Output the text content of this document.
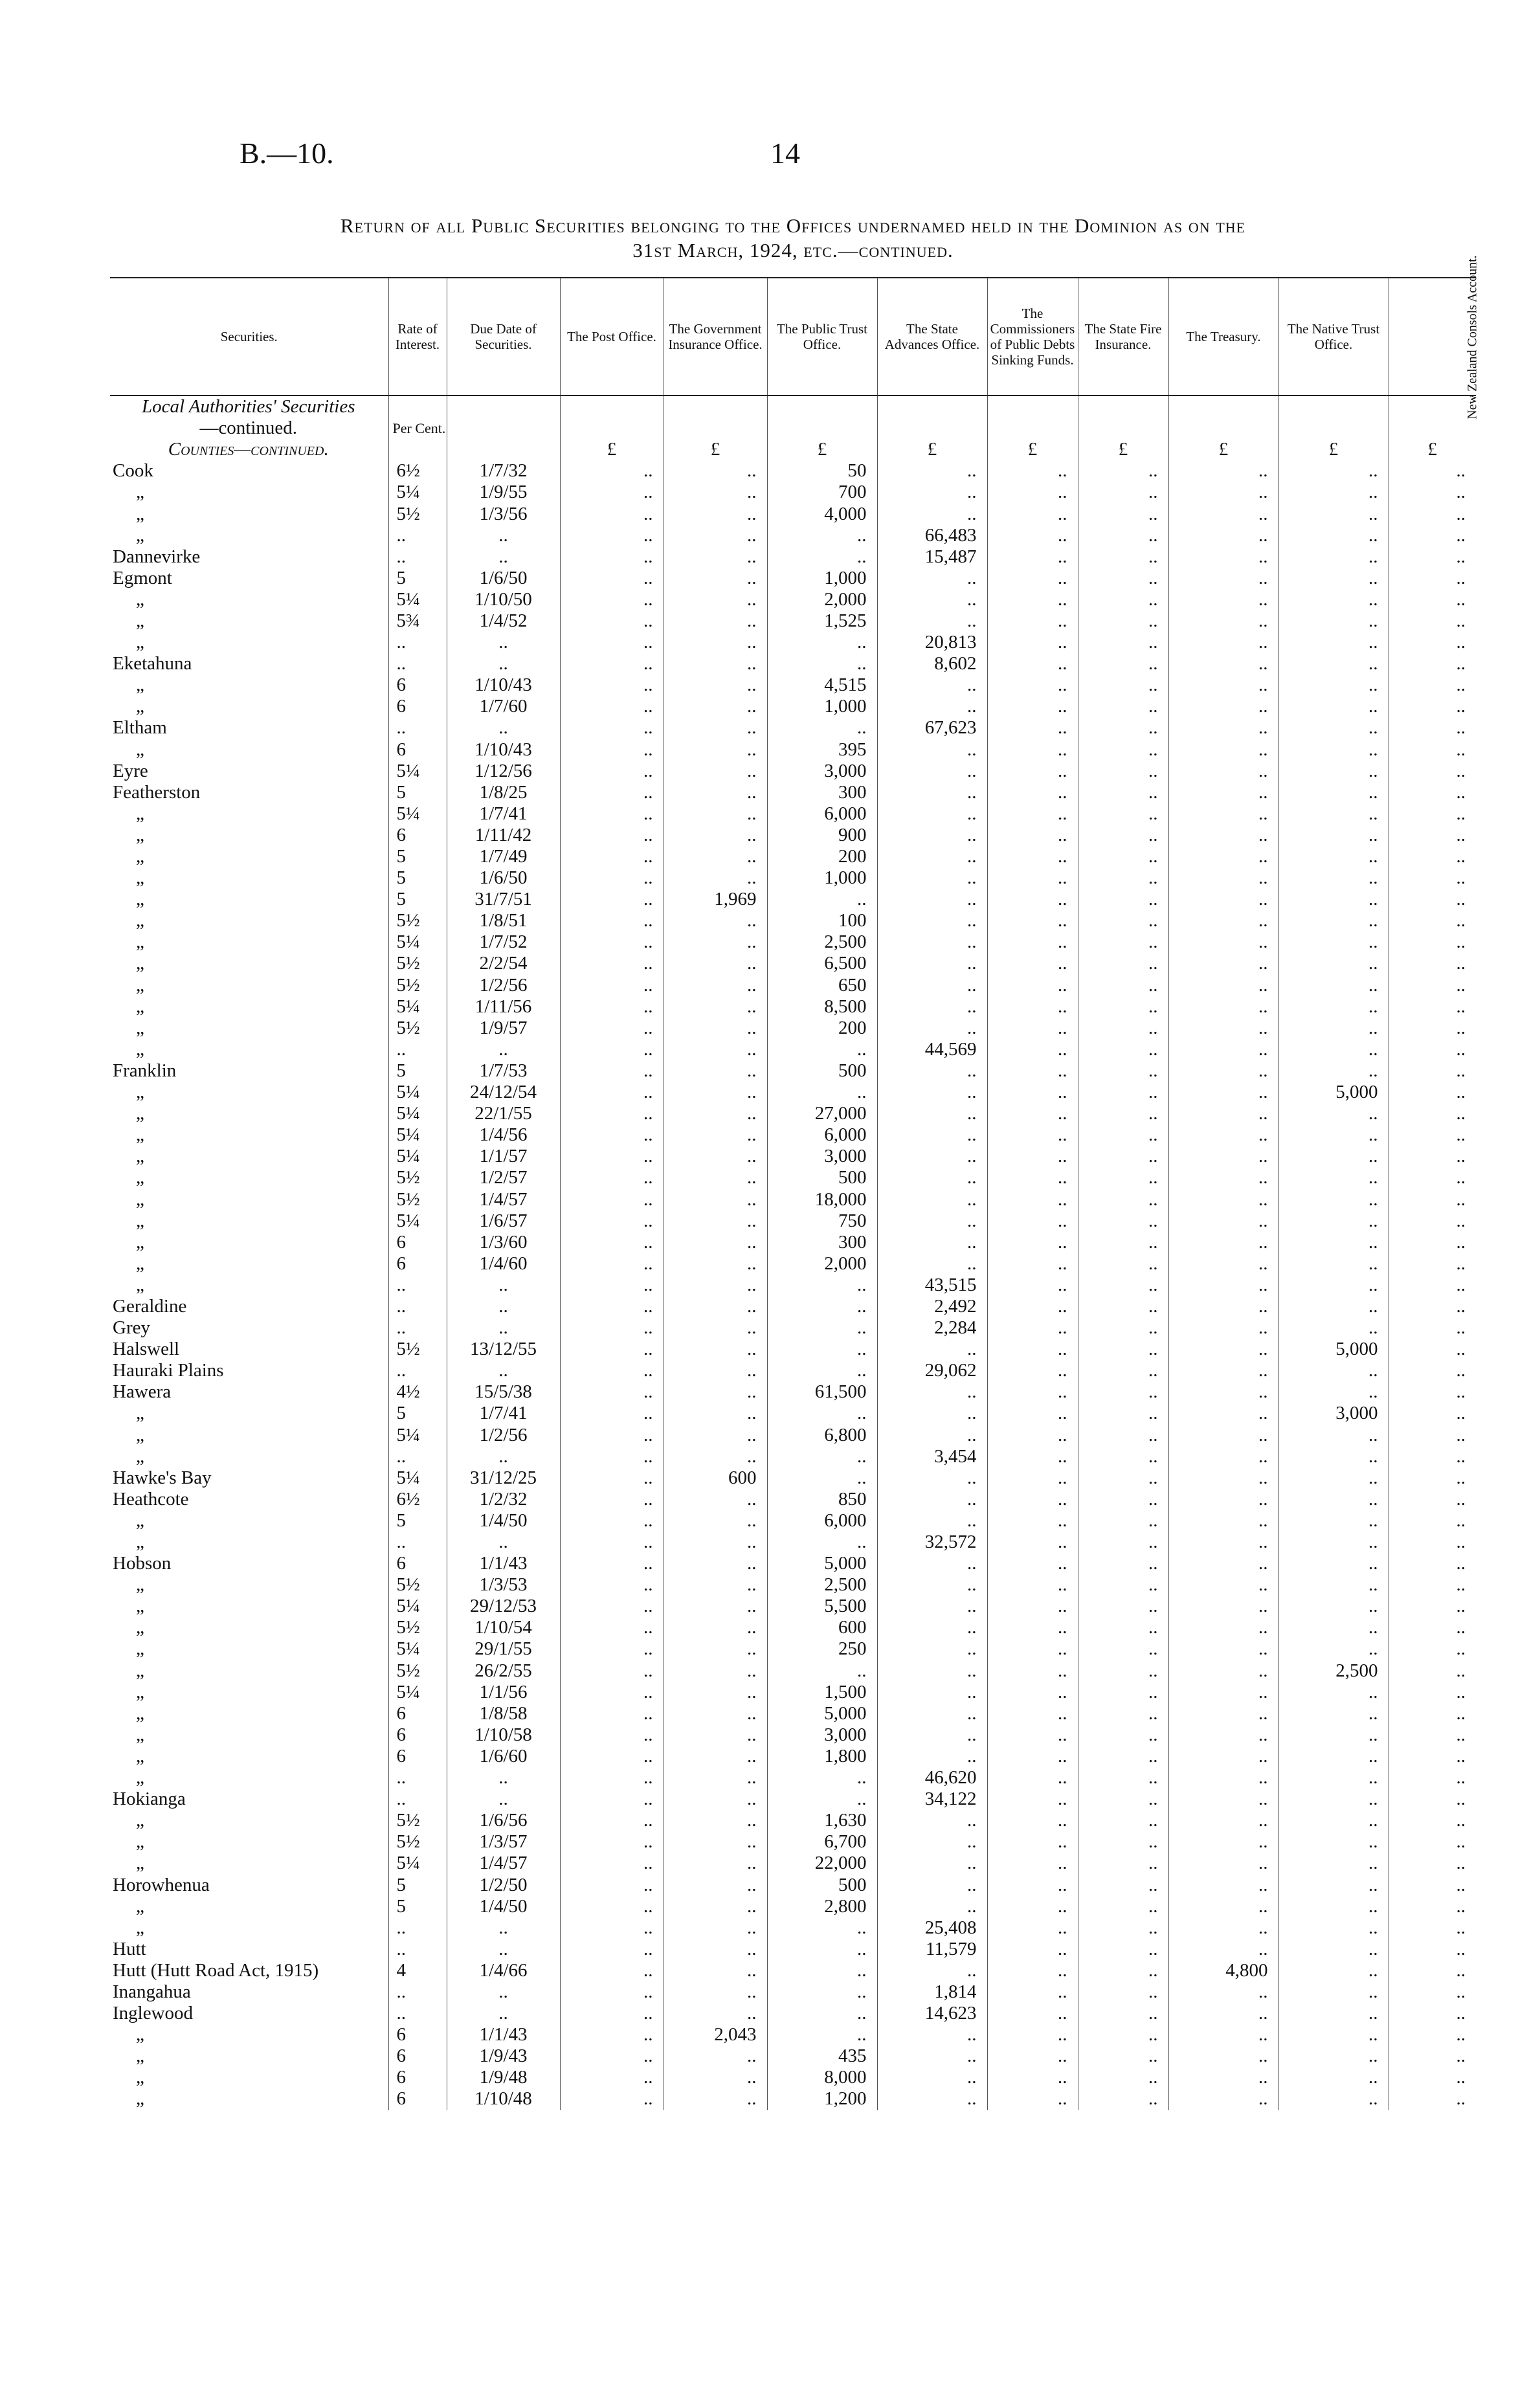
B.—10.	14
Return of all Public Securities belonging to the Offices undernamed held in the Dominion as on the
31st March, 1924, etc.—continued.
Securities.	Rate of Interest.	Due Date of Securities.	The Post Office.	The Government Insurance Office.	The Public Trust Office.	The State Advances Office.	The Commissioners of Public Debts Sinking Funds.	The State Fire Insurance.	The Treasury.	The Native Trust Office.	New Zealand Consols Account.
Local Authorities' Securities											
—continued.	Per Cent.										
Counties—continued.			£	£	£	£	£	£	£	£	£
Cook	6½	1/7/32	..	..	50	..	..	..	..	..	..
„	5¼	1/9/55	..	..	700	..	..	..	..	..	..
„	5½	1/3/56	..	..	4,000	..	..	..	..	..	..
„	..	..	..	..	..	66,483	..	..	..	..	..
Dannevirke	..	..	..	..	..	15,487	..	..	..	..	..
Egmont	5	1/6/50	..	..	1,000	..	..	..	..	..	..
„	5¼	1/10/50	..	..	2,000	..	..	..	..	..	..
„	5¾	1/4/52	..	..	1,525	..	..	..	..	..	..
„	..	..	..	..	..	20,813	..	..	..	..	..
Eketahuna	..	..	..	..	..	8,602	..	..	..	..	..
„	6	1/10/43	..	..	4,515	..	..	..	..	..	..
„	6	1/7/60	..	..	1,000	..	..	..	..	..	..
Eltham	..	..	..	..	..	67,623	..	..	..	..	..
„	6	1/10/43	..	..	395	..	..	..	..	..	..
Eyre	5¼	1/12/56	..	..	3,000	..	..	..	..	..	..
Featherston	5	1/8/25	..	..	300	..	..	..	..	..	..
„	5¼	1/7/41	..	..	6,000	..	..	..	..	..	..
„	6	1/11/42	..	..	900	..	..	..	..	..	..
„	5	1/7/49	..	..	200	..	..	..	..	..	..
„	5	1/6/50	..	..	1,000	..	..	..	..	..	..
„	5	31/7/51	..	1,969	..	..	..	..	..	..	..
„	5½	1/8/51	..	..	100	..	..	..	..	..	..
„	5¼	1/7/52	..	..	2,500	..	..	..	..	..	..
„	5½	2/2/54	..	..	6,500	..	..	..	..	..	..
„	5½	1/2/56	..	..	650	..	..	..	..	..	..
„	5¼	1/11/56	..	..	8,500	..	..	..	..	..	..
„	5½	1/9/57	..	..	200	..	..	..	..	..	..
„	..	..	..	..	..	44,569	..	..	..	..	..
Franklin	5	1/7/53	..	..	500	..	..	..	..	..	..
„	5¼	24/12/54	..	..	..	..	..	..	..	5,000	..
„	5¼	22/1/55	..	..	27,000	..	..	..	..	..	..
„	5¼	1/4/56	..	..	6,000	..	..	..	..	..	..
„	5¼	1/1/57	..	..	3,000	..	..	..	..	..	..
„	5½	1/2/57	..	..	500	..	..	..	..	..	..
„	5½	1/4/57	..	..	18,000	..	..	..	..	..	..
„	5¼	1/6/57	..	..	750	..	..	..	..	..	..
„	6	1/3/60	..	..	300	..	..	..	..	..	..
„	6	1/4/60	..	..	2,000	..	..	..	..	..	..
„	..	..	..	..	..	43,515	..	..	..	..	..
Geraldine	..	..	..	..	..	2,492	..	..	..	..	..
Grey	..	..	..	..	..	2,284	..	..	..	..	..
Halswell	5½	13/12/55	..	..	..	..	..	..	..	5,000	..
Hauraki Plains	..	..	..	..	..	29,062	..	..	..	..	..
Hawera	4½	15/5/38	..	..	61,500	..	..	..	..	..	..
„	5	1/7/41	..	..	..	..	..	..	..	3,000	..
„	5¼	1/2/56	..	..	6,800	..	..	..	..	..	..
„	..	..	..	..	..	3,454	..	..	..	..	..
Hawke's Bay	5¼	31/12/25	..	600	..	..	..	..	..	..	..
Heathcote	6½	1/2/32	..	..	850	..	..	..	..	..	..
„	5	1/4/50	..	..	6,000	..	..	..	..	..	..
„	..	..	..	..	..	32,572	..	..	..	..	..
Hobson	6	1/1/43	..	..	5,000	..	..	..	..	..	..
„	5½	1/3/53	..	..	2,500	..	..	..	..	..	..
„	5¼	29/12/53	..	..	5,500	..	..	..	..	..	..
„	5½	1/10/54	..	..	600	..	..	..	..	..	..
„	5¼	29/1/55	..	..	250	..	..	..	..	..	..
„	5½	26/2/55	..	..	..	..	..	..	..	2,500	..
„	5¼	1/1/56	..	..	1,500	..	..	..	..	..	..
„	6	1/8/58	..	..	5,000	..	..	..	..	..	..
„	6	1/10/58	..	..	3,000	..	..	..	..	..	..
„	6	1/6/60	..	..	1,800	..	..	..	..	..	..
„	..	..	..	..	..	46,620	..	..	..	..	..
Hokianga	..	..	..	..	..	34,122	..	..	..	..	..
„	5½	1/6/56	..	..	1,630	..	..	..	..	..	..
„	5½	1/3/57	..	..	6,700	..	..	..	..	..	..
„	5¼	1/4/57	..	..	22,000	..	..	..	..	..	..
Horowhenua	5	1/2/50	..	..	500	..	..	..	..	..	..
„	5	1/4/50	..	..	2,800	..	..	..	..	..	..
„	..	..	..	..	..	25,408	..	..	..	..	..
Hutt	..	..	..	..	..	11,579	..	..	..	..	..
Hutt (Hutt Road Act, 1915)	4	1/4/66	..	..	..	..	..	..	4,800	..	..
Inangahua	..	..	..	..	..	1,814	..	..	..	..	..
Inglewood	..	..	..	..	..	14,623	..	..	..	..	..
„	6	1/1/43	..	2,043	..	..	..	..	..	..	..
„	6	1/9/43	..	..	435	..	..	..	..	..	..
„	6	1/9/48	..	..	8,000	..	..	..	..	..	..
„	6	1/10/48	..	..	1,200	..	..	..	..	..	..
